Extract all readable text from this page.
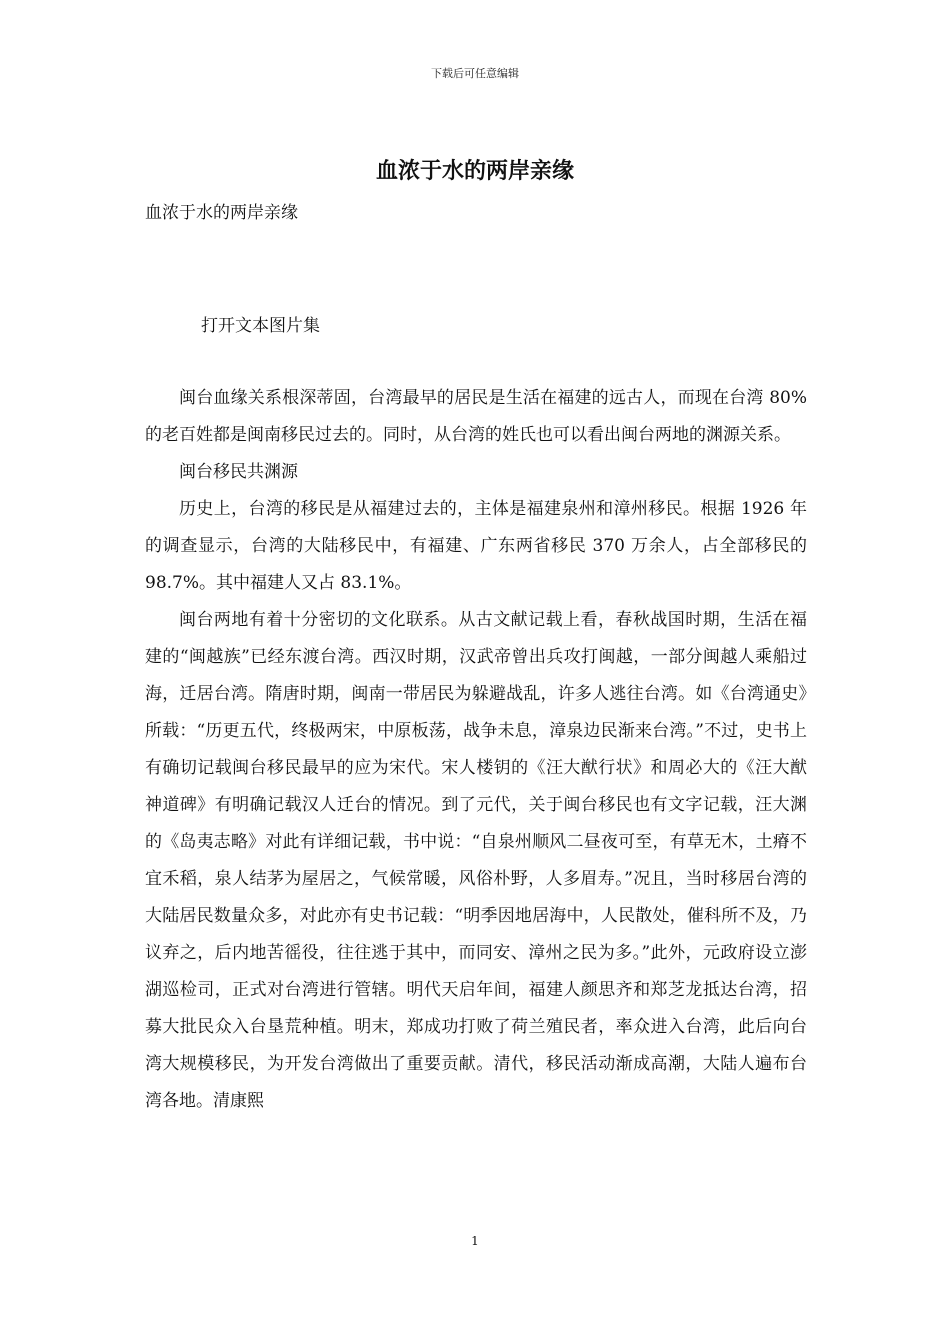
下载后可任意编辑
血浓于水的两岸亲缘
血浓于水的两岸亲缘
打开文本图片集

闽台血缘关系根深蒂固，台湾最早的居民是生活在福建的远古人，而现在台湾 80%的老百姓都是闽南移民过去的。同时，从台湾的姓氏也可以看出闽台两地的渊源关系。

闽台移民共渊源

历史上，台湾的移民是从福建过去的，主体是福建泉州和漳州移民。根据 1926 年的调查显示，台湾的大陆移民中，有福建、广东两省移民 370 万余人，占全部移民的 98.7%。其中福建人又占 83.1%。

闽台两地有着十分密切的文化联系。从古文献记载上看，春秋战国时期，生活在福建的“闽越族”已经东渡台湾。西汉时期，汉武帝曾出兵攻打闽越，一部分闽越人乘船过海，迁居台湾。隋唐时期，闽南一带居民为躲避战乱，许多人逃往台湾。如《台湾通史》所载：“历更五代，终极两宋，中原板荡，战争未息，漳泉边民渐来台湾。”不过，史书上有确切记载闽台移民最早的应为宋代。宋人楼钥的《汪大猷行状》和周必大的《汪大猷神道碑》有明确记载汉人迁台的情况。到了元代，关于闽台移民也有文字记载，汪大渊的《岛夷志略》对此有详细记载，书中说：“自泉州顺风二昼夜可至，有草无木，土瘠不宜禾稻，泉人结茅为屋居之，气候常暖，风俗朴野，人多眉寿。”况且，当时移居台湾的大陆居民数量众多，对此亦有史书记载：“明季因地居海中，人民散处，催科所不及，乃议弃之，后内地苦徭役，往往逃于其中，而同安、漳州之民为多。”此外，元政府设立澎湖巡检司，正式对台湾进行管辖。明代天启年间，福建人颜思齐和郑芝龙抵达台湾，招募大批民众入台垦荒种植。明末，郑成功打败了荷兰殖民者，率众进入台湾，此后向台湾大规模移民，为开发台湾做出了重要贡献。清代，移民活动渐成高潮，大陆人遍布台湾各地。清康熙

1
